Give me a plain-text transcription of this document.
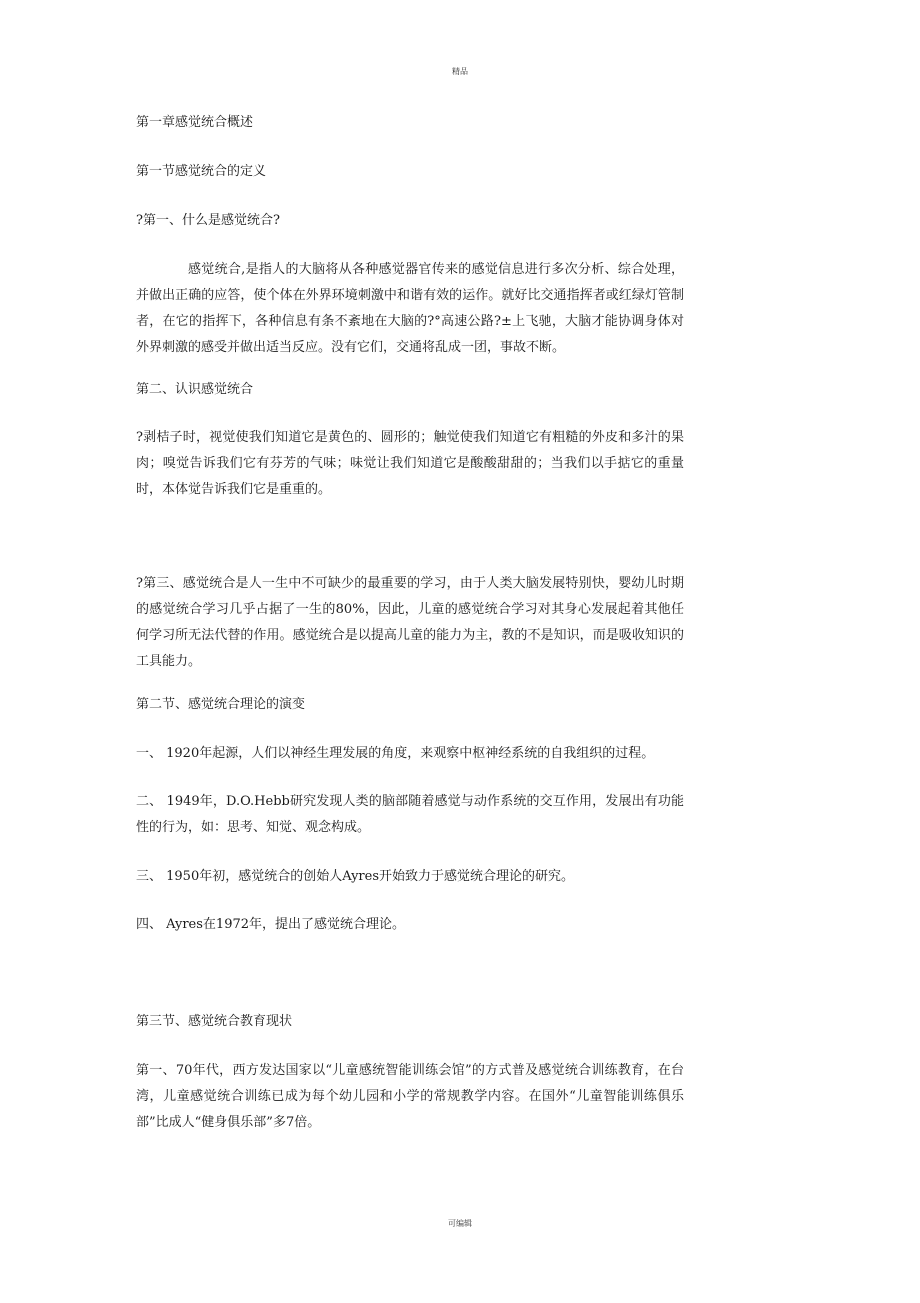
精品
第一章感觉统合概述
第一节感觉统合的定义
?第一、什么是感觉统合?
感觉统合,是指人的大脑将从各种感觉器官传来的感觉信息进行多次分析、综合处理，并做出正确的应答，使个体在外界环境刺激中和谐有效的运作。就好比交通指挥者或红绿灯管制者，在它的指挥下，各种信息有条不紊地在大脑的?°高速公路?±上飞驰，大脑才能协调身体对外界刺激的感受并做出适当反应。没有它们，交通将乱成一团，事故不断。
第二、认识感觉统合
?剥桔子时，视觉使我们知道它是黄色的、圆形的；触觉使我们知道它有粗糙的外皮和多汁的果肉；嗅觉告诉我们它有芬芳的气味；味觉让我们知道它是酸酸甜甜的；当我们以手掂它的重量时，本体觉告诉我们它是重重的。
?第三、感觉统合是人一生中不可缺少的最重要的学习，由于人类大脑发展特别快，婴幼儿时期的感觉统合学习几乎占据了一生的80%，因此，儿童的感觉统合学习对其身心发展起着其他任何学习所无法代替的作用。感觉统合是以提高儿童的能力为主，教的不是知识，而是吸收知识的工具能力。
第二节、感觉统合理论的演变
一、 1920年起源，人们以神经生理发展的角度，来观察中枢神经系统的自我组织的过程。
二、 1949年，D.O.Hebb研究发现人类的脑部随着感觉与动作系统的交互作用，发展出有功能性的行为，如：思考、知觉、观念构成。
三、 1950年初，感觉统合的创始人Ayres开始致力于感觉统合理论的研究。
四、 Ayres在1972年，提出了感觉统合理论。
第三节、感觉统合教育现状
第一、70年代，西方发达国家以“儿童感统智能训练会馆”的方式普及感觉统合训练教育，在台湾，儿童感觉统合训练已成为每个幼儿园和小学的常规教学内容。在国外“儿童智能训练俱乐部”比成人“健身俱乐部”多7倍。
可编辑
